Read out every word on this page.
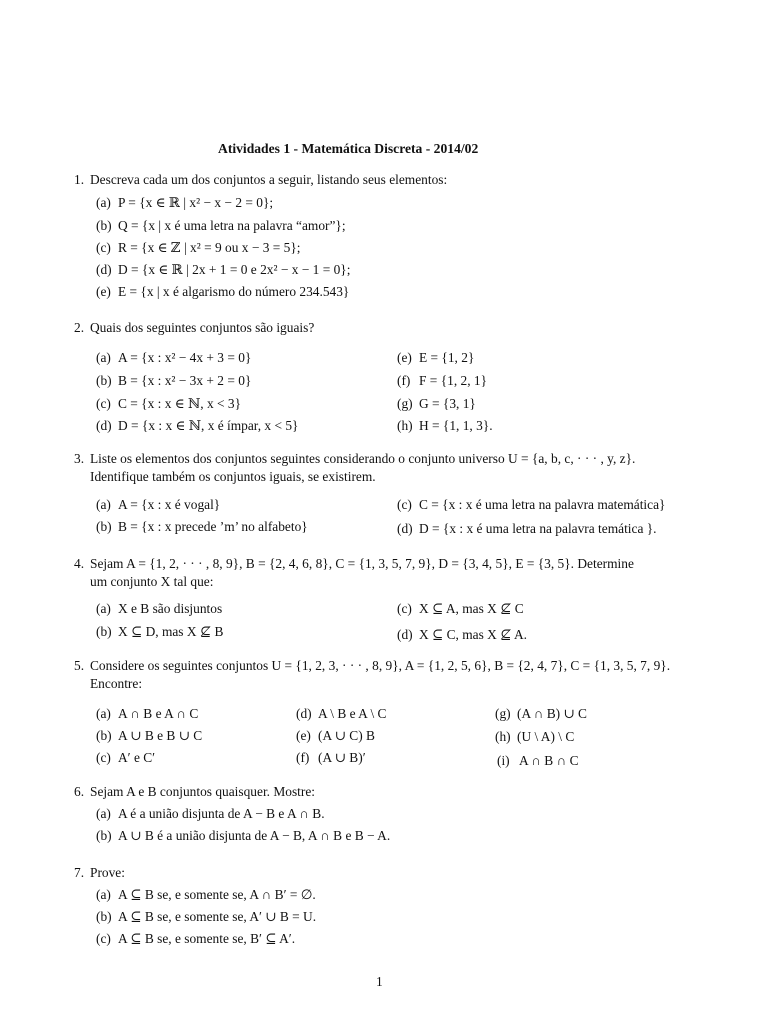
Atividades 1 - Matemática Discreta - 2014/02
1. Descreva cada um dos conjuntos a seguir, listando seus elementos:
(a) P = {x ∈ ℝ | x² − x − 2 = 0};
(b) Q = {x | x é uma letra na palavra “amor”};
(c) R = {x ∈ ℤ | x² = 9 ou x − 3 = 5};
(d) D = {x ∈ ℝ | 2x + 1 = 0 e 2x² − x − 1 = 0};
(e) E = {x | x é algarismo do número 234.543}
2. Quais dos seguintes conjuntos são iguais?
(a) A = {x : x² − 4x + 3 = 0}
(b) B = {x : x² − 3x + 2 = 0}
(c) C = {x : x ∈ ℕ, x < 3}
(d) D = {x : x ∈ ℕ, x é ímpar, x < 5}
(e) E = {1, 2}
(f) F = {1, 2, 1}
(g) G = {3, 1}
(h) H = {1, 1, 3}.
3. Liste os elementos dos conjuntos seguintes considerando o conjunto universo U = {a, b, c, · · · , y, z}.
Identifique também os conjuntos iguais, se existirem.
(a) A = {x : x é vogal}
(b) B = {x : x precede ’m’ no alfabeto}
(c) C = {x : x é uma letra na palavra matemática}
(d) D = {x : x é uma letra na palavra temática }.
4. Sejam A = {1, 2, · · · , 8, 9}, B = {2, 4, 6, 8}, C = {1, 3, 5, 7, 9}, D = {3, 4, 5}, E = {3, 5}. Determine
um conjunto X tal que:
(a) X e B são disjuntos
(b) X ⊆ D, mas X ⊈ B
(c) X ⊆ A, mas X ⊈ C
(d) X ⊆ C, mas X ⊈ A.
5. Considere os seguintes conjuntos U = {1, 2, 3, · · · , 8, 9}, A = {1, 2, 5, 6}, B = {2, 4, 7}, C = {1, 3, 5, 7, 9}.
Encontre:
(a) A ∩ B e A ∩ C
(b) A ∪ B e B ∪ C
(c) A′ e C′
(d) A \ B e A \ C
(e) (A ∪ C) B
(f) (A ∪ B)′
(g) (A ∩ B) ∪ C
(h) (U \ A) \ C
(i) A ∩ B ∩ C
6. Sejam A e B conjuntos quaisquer. Mostre:
(a) A é a união disjunta de A − B e A ∩ B.
(b) A ∪ B é a união disjunta de A − B, A ∩ B e B − A.
7. Prove:
(a) A ⊆ B se, e somente se, A ∩ B′ = ∅.
(b) A ⊆ B se, e somente se, A′ ∪ B = U.
(c) A ⊆ B se, e somente se, B′ ⊆ A′.
1
